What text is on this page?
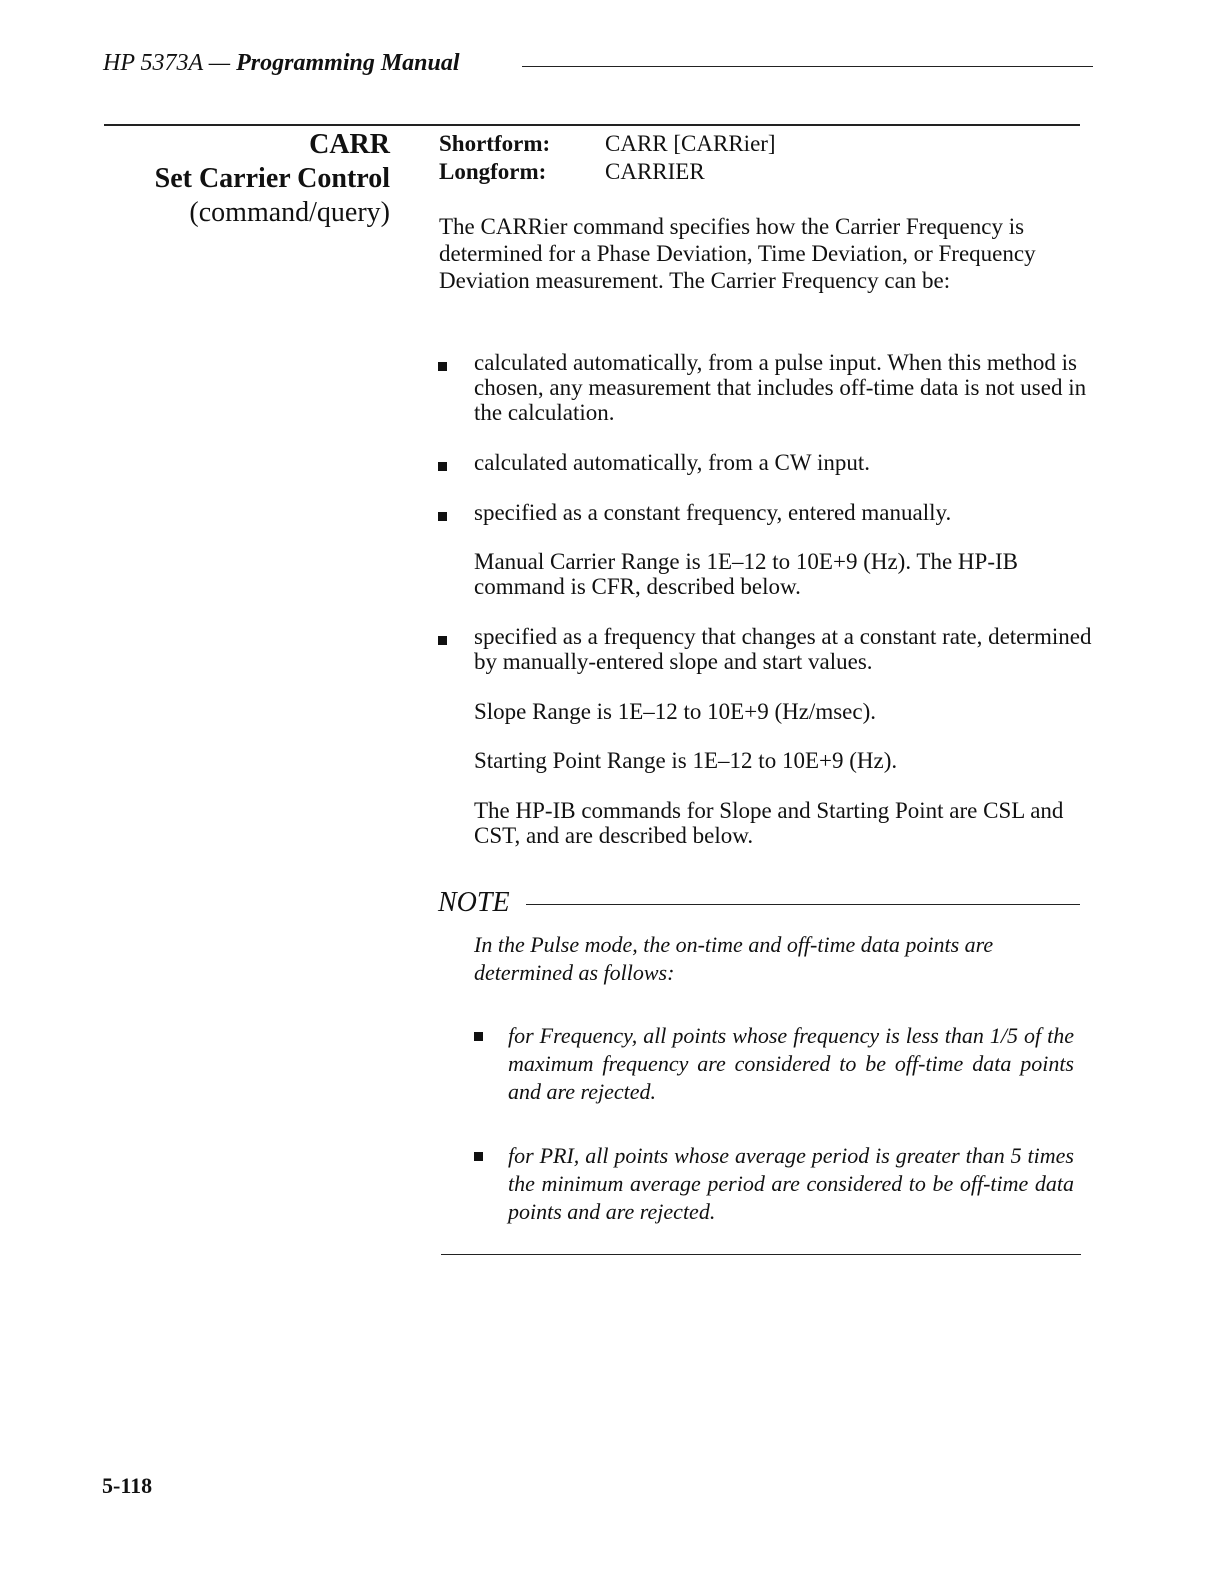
HP 5373A — Programming Manual
CARR
Set Carrier Control
(command/query)
Shortform:	CARR [CARRier]
Longform:	CARRIER
The CARRier command specifies how the Carrier Frequency is determined for a Phase Deviation, Time Deviation, or Frequency Deviation measurement. The Carrier Frequency can be:
calculated automatically, from a pulse input. When this method is chosen, any measurement that includes off-time data is not used in the calculation.
calculated automatically, from a CW input.
specified as a constant frequency, entered manually.
Manual Carrier Range is 1E–12 to 10E+9 (Hz). The HP-IB command is CFR, described below.
specified as a frequency that changes at a constant rate, determined by manually-entered slope and start values.
Slope Range is 1E–12 to 10E+9 (Hz/msec).
Starting Point Range is 1E–12 to 10E+9 (Hz).
The HP-IB commands for Slope and Starting Point are CSL and CST, and are described below.
NOTE
In the Pulse mode, the on-time and off-time data points are determined as follows:
for Frequency, all points whose frequency is less than 1/5 of the maximum frequency are considered to be off-time data points and are rejected.
for PRI, all points whose average period is greater than 5 times the minimum average period are considered to be off-time data points and are rejected.
5-118
